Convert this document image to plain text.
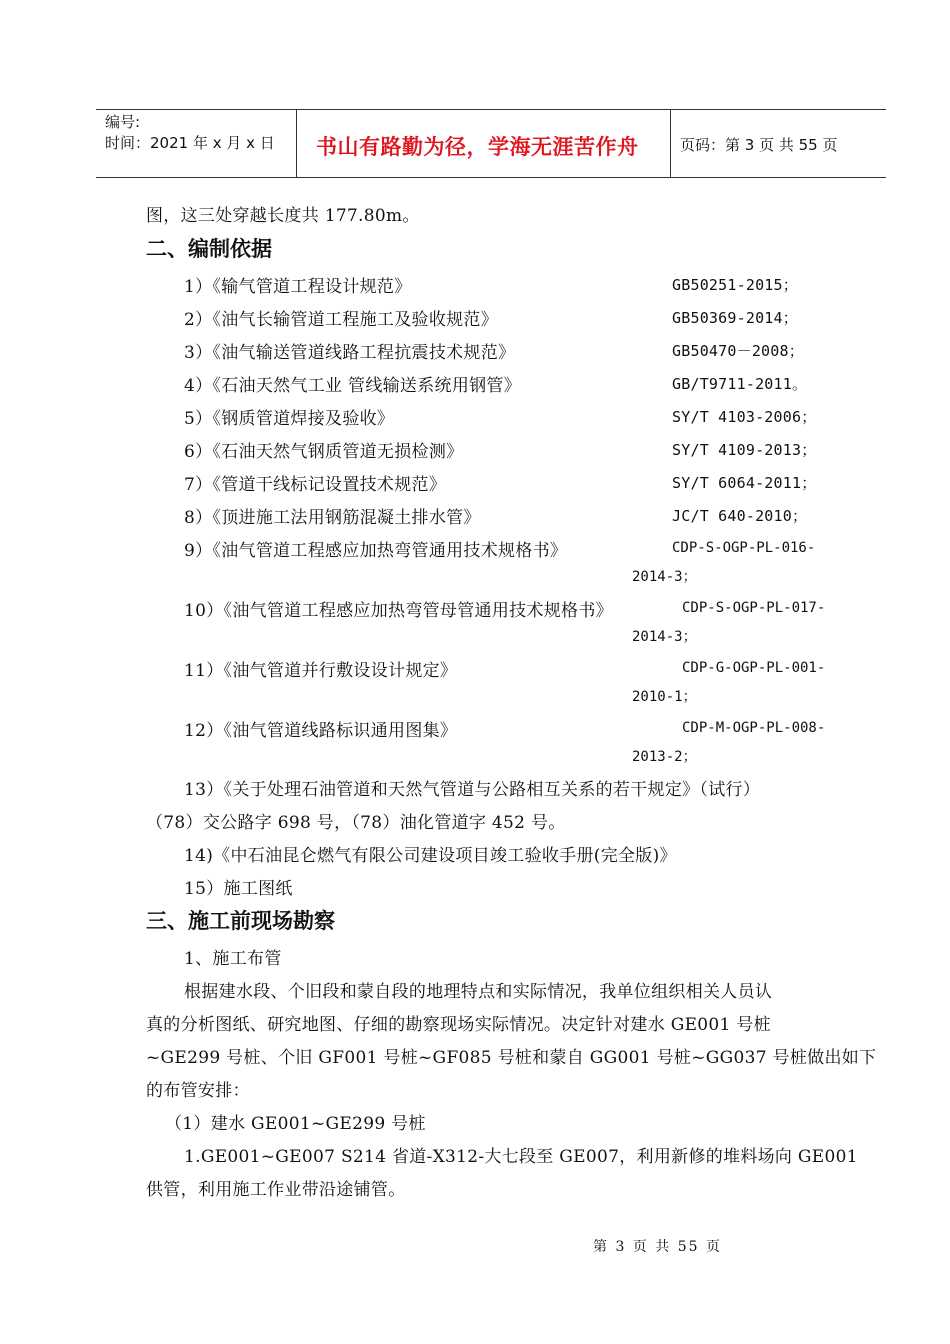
编号:
时间：2021 年 x 月 x 日 书山有路勤为径，学海无涯苦作舟	页码：第 3 页 共 55 页
图，这三处穿越长度共 177.80m。
二、编制依据
1）《输气管道工程设计规范》	GB50251-2015；
2）《油气长输管道工程施工及验收规范》	GB50369-2014；
3）《油气输送管道线路工程抗震技术规范》	GB50470－2008；
4）《石油天然气工业 管线输送系统用钢管》	GB/T9711-2011。
5）《钢质管道焊接及验收》	SY/T 4103-2006；
6）《石油天然气钢质管道无损检测》	SY/T 4109-2013；
7）《管道干线标记设置技术规范》	SY/T 6064-2011；
8）《顶进施工法用钢筋混凝土排水管》	JC/T 640-2010；
9）《油气管道工程感应加热弯管通用技术规格书》	CDP-S-OGP-PL-016-
2014-3；
10）《油气管道工程感应加热弯管母管通用技术规格书》	CDP-S-OGP-PL-017-
2014-3；
11）《油气管道并行敷设设计规定》	CDP-G-OGP-PL-001-
2010-1；
12）《油气管道线路标识通用图集》	CDP-M-OGP-PL-008-
2013-2；
13）《关于处理石油管道和天然气管道与公路相互关系的若干规定》（试行）
（78）交公路字 698 号，（78）油化管道字 452 号。
14)《中石油昆仑燃气有限公司建设项目竣工验收手册(完全版)》
15）施工图纸
三、施工前现场勘察
1、施工布管
根据建水段、个旧段和蒙自段的地理特点和实际情况，我单位组织相关人员认
真的分析图纸、研究地图、仔细的勘察现场实际情况。决定针对建水 GE001 号桩
~GE299 号桩、个旧 GF001 号桩~GF085 号桩和蒙自 GG001 号桩~GG037 号桩做出如下
的布管安排：
（1）建水 GE001~GE299 号桩
1.GE001~GE007 S214 省道-X312-大七段至 GE007，利用新修的堆料场向 GE001
供管，利用施工作业带沿途铺管。
第 3 页 共 55 页
